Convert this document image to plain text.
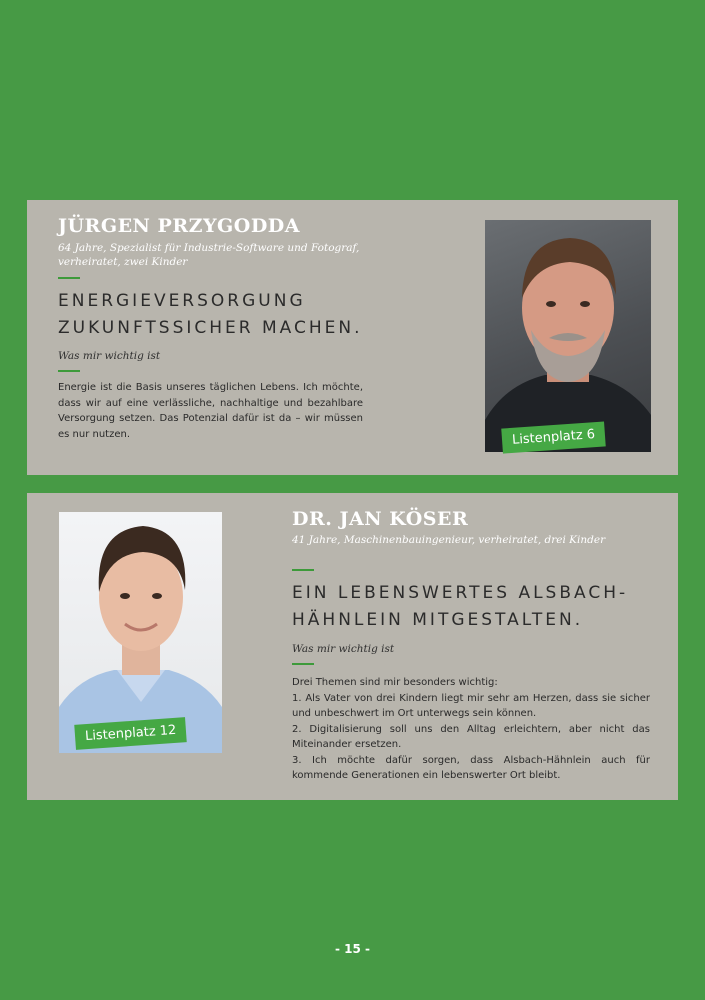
JÜRGEN PRZYGODDA

64 Jahre, Spezialist für Industrie-Software und Fotograf, verheiratet, zwei Kinder

ENERGIEVERSORGUNG
ZUKUNFTSSICHER MACHEN.

Was mir wichtig ist

Energie ist die Basis unseres täglichen Lebens. Ich möchte, dass wir auf eine verlässliche, nachhaltige und bezahlbare Versorgung setzen. Das Potenzial dafür ist da – wir müssen es nur nutzen.	Listenplatz 6
Listenplatz 12
DR. JAN KÖSER

41 Jahre, Maschinenbauingenieur, verheiratet, drei Kinder

EIN LEBENSWERTES ALSBACH-
HÄHNLEIN MITGESTALTEN.

Was mir wichtig ist

Drei Themen sind mir besonders wichtig:

1. Als Vater von drei Kindern liegt mir sehr am Herzen, dass sie sicher und unbeschwert im Ort unterwegs sein können.

2. Digitalisierung soll uns den Alltag erleichtern, aber nicht das Miteinander ersetzen.

3. Ich möchte dafür sorgen, dass Alsbach-Hähnlein auch für kommende Generationen ein lebenswerter Ort bleibt.

- 15 -
